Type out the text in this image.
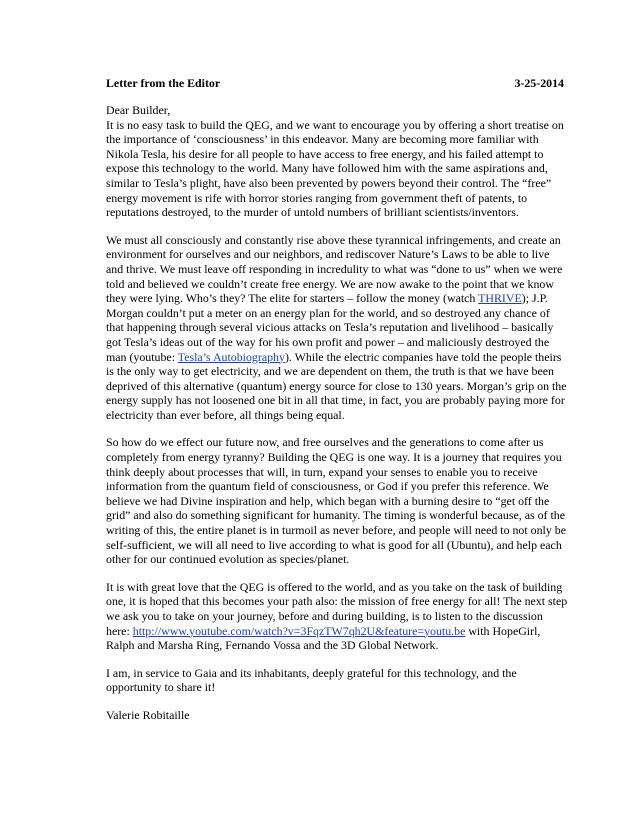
Letter from the Editor	3-25-2014

Dear Builder,

It is no easy task to build the QEG, and we want to encourage you by offering a short treatise on
the importance of ‘consciousness’ in this endeavor. Many are becoming more familiar with
Nikola Tesla, his desire for all people to have access to free energy, and his failed attempt to
expose this technology to the world. Many have followed him with the same aspirations and,
similar to Tesla’s plight, have also been prevented by powers beyond their control. The “free”
energy movement is rife with horror stories ranging from government theft of patents, to
reputations destroyed, to the murder of untold numbers of brilliant scientists/inventors.
We must all consciously and constantly rise above these tyrannical infringements, and create an
environment for ourselves and our neighbors, and rediscover Nature’s Laws to be able to live
and thrive. We must leave off responding in incredulity to what was “done to us” when we were
told and believed we couldn’t create free energy. We are now awake to the point that we know
they were lying. Who’s they? The elite for starters – follow the money (watch THRIVE); J.P.
Morgan couldn’t put a meter on an energy plan for the world, and so destroyed any chance of
that happening through several vicious attacks on Tesla’s reputation and livelihood – basically
got Tesla’s ideas out of the way for his own profit and power – and maliciously destroyed the
man (youtube: Tesla’s Autobiography). While the electric companies have told the people theirs
is the only way to get electricity, and we are dependent on them, the truth is that we have been
deprived of this alternative (quantum) energy source for close to 130 years. Morgan’s grip on the
energy supply has not loosened one bit in all that time, in fact, you are probably paying more for
electricity than ever before, all things being equal.
So how do we effect our future now, and free ourselves and the generations to come after us
completely from energy tyranny? Building the QEG is one way. It is a journey that requires you
think deeply about processes that will, in turn, expand your senses to enable you to receive
information from the quantum field of consciousness, or God if you prefer this reference. We
believe we had Divine inspiration and help, which began with a burning desire to “get off the
grid” and also do something significant for humanity. The timing is wonderful because, as of the
writing of this, the entire planet is in turmoil as never before, and people will need to not only be
self-sufficient, we will all need to live according to what is good for all (Ubuntu), and help each
other for our continued evolution as species/planet.
It is with great love that the QEG is offered to the world, and as you take on the task of building
one, it is hoped that this becomes your path also: the mission of free energy for all! The next step
we ask you to take on your journey, before and during building, is to listen to the discussion
here: http://www.youtube.com/watch?v=3FqzTW7qh2U&feature=youtu.be with HopeGirl,
Ralph and Marsha Ring, Fernando Vossa and the 3D Global Network.
I am, in service to Gaia and its inhabitants, deeply grateful for this technology, and the
opportunity to share it!
Valerie Robitaille
